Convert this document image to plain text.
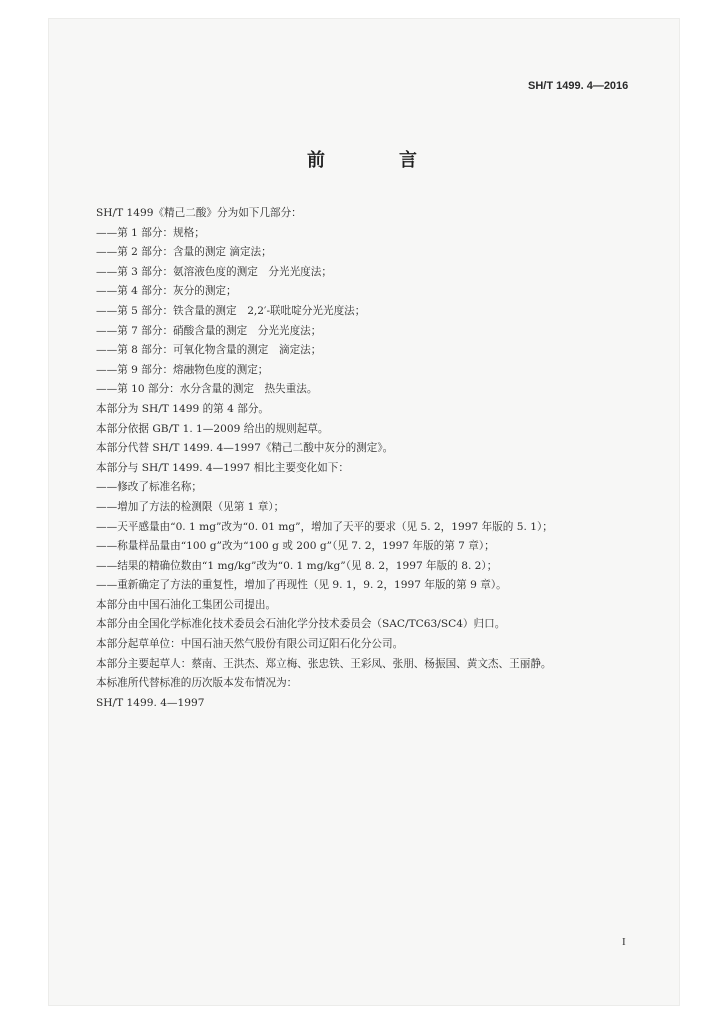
SH/T 1499. 4—2016
前　言
SH/T 1499《精己二酸》分为如下几部分：
——第 1 部分：规格；
——第 2 部分：含量的测定 滴定法；
——第 3 部分：氨溶液色度的测定　分光光度法；
——第 4 部分：灰分的测定；
——第 5 部分：铁含量的测定　2,2′-联吡啶分光光度法；
——第 7 部分：硝酸含量的测定　分光光度法；
——第 8 部分：可氧化物含量的测定　滴定法；
——第 9 部分：熔融物色度的测定；
——第 10 部分：水分含量的测定　热失重法。
本部分为 SH/T 1499 的第 4 部分。
本部分依据 GB/T 1. 1—2009 给出的规则起草。
本部分代替 SH/T 1499. 4—1997《精己二酸中灰分的测定》。
本部分与 SH/T 1499. 4—1997 相比主要变化如下：
——修改了标准名称；
——增加了方法的检测限（见第 1 章）；
——天平感量由“0. 1 mg”改为“0. 01 mg”，增加了天平的要求（见 5. 2，1997 年版的 5. 1）；
——称量样品量由“100 g”改为“100 g 或 200 g”（见 7. 2，1997 年版的第 7 章）；
——结果的精确位数由“1 mg/kg”改为“0. 1 mg/kg”（见 8. 2，1997 年版的 8. 2）；
——重新确定了方法的重复性，增加了再现性（见 9. 1，9. 2，1997 年版的第 9 章）。
本部分由中国石油化工集团公司提出。
本部分由全国化学标准化技术委员会石油化学分技术委员会（SAC/TC63/SC4）归口。
本部分起草单位：中国石油天然气股份有限公司辽阳石化分公司。
本部分主要起草人：蔡南、王洪杰、郑立梅、张忠铁、王彩凤、张朋、杨振国、黄文杰、王丽静。
本标准所代替标准的历次版本发布情况为：
SH/T 1499. 4—1997
I
